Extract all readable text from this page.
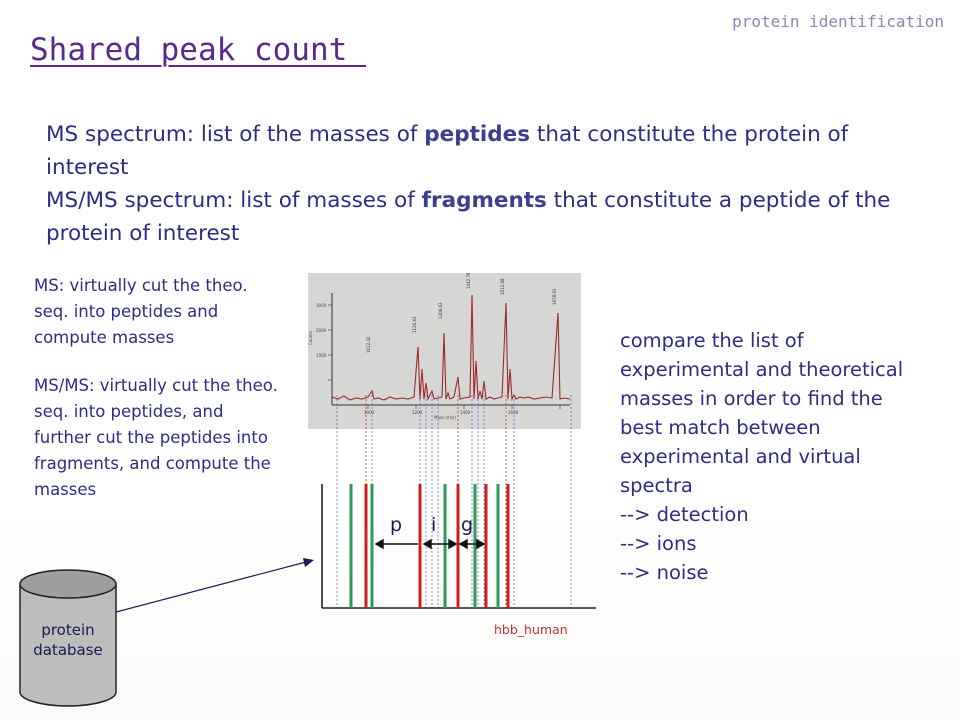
protein identification
Shared peak count
MS spectrum: list of the masses of peptides that constitute the protein of interest
MS/MS spectrum: list of masses of fragments that constitute a peptide of the protein of interest

MS: virtually cut the theo. seq. into peptides and compute masses

MS/MS: virtually cut the theo. seq. into peptides, and further cut the peptides into fragments, and compute the masses

compare the list of experimental and theoretical masses in order to find the best match between experimental and virtual spectra
--> detection
--> ions
--> noise
3000
2000
1000
Counts
1000	1200	1400	1600
Mass (m/z)
1012.42
1126.63
1306.63
1442.76	1612.88
1978.91
p i g
hbb_human
protein
database
